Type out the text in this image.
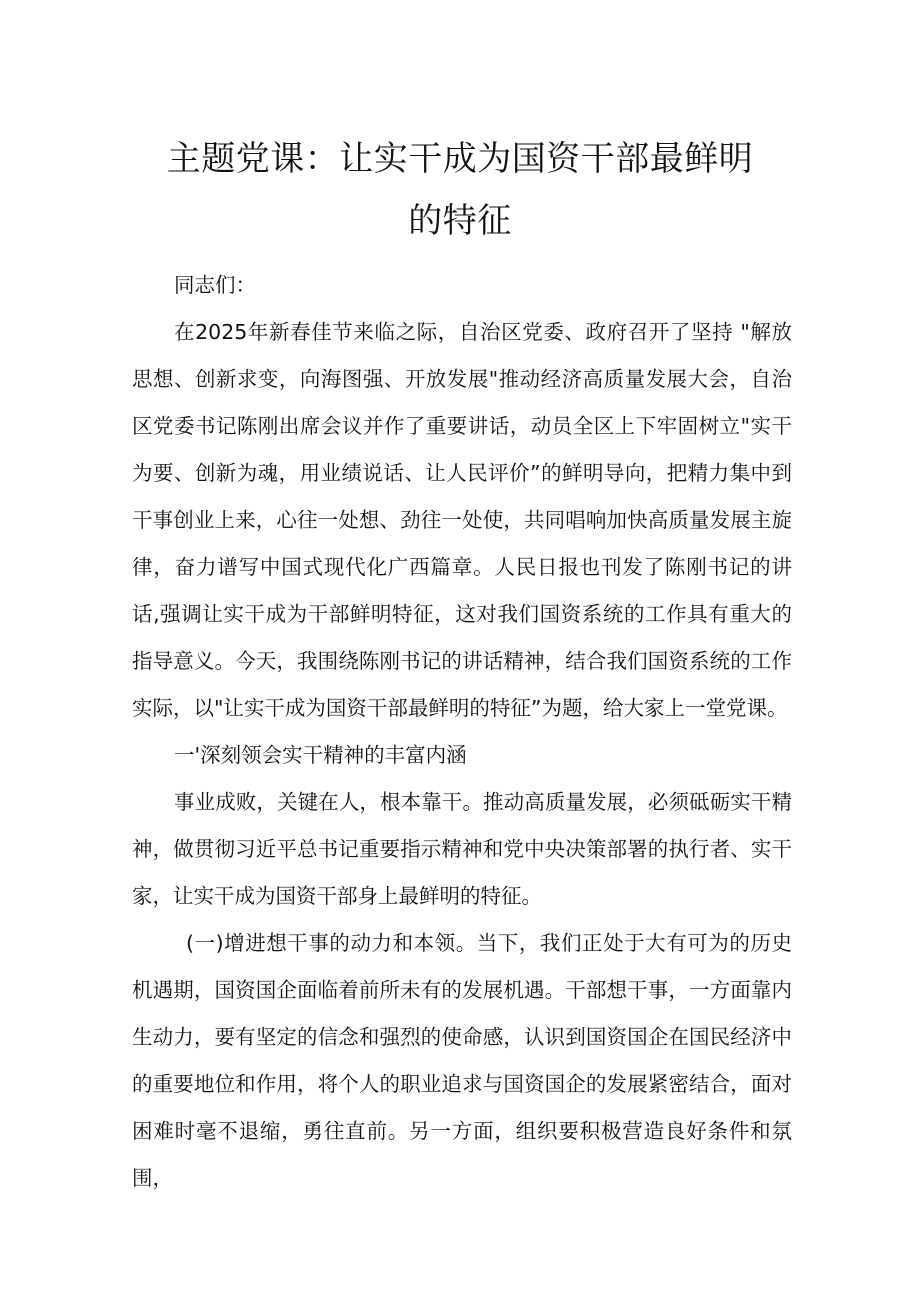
主题党课：让实干成为国资干部最鲜明
的特征

同志们：

在2025年新春佳节来临之际，自治区党委、政府召开了坚持 "解放思想、创新求变，向海图强、开放发展"推动经济高质量发展大会，自治区党委书记陈刚出席会议并作了重要讲话，动员全区上下牢固树立"实干为要、创新为魂，用业绩说话、让人民评价”的鲜明导向，把精力集中到干事创业上来，心往一处想、劲往一处使，共同唱响加快高质量发展主旋律，奋力谱写中国式现代化广西篇章。人民日报也刊发了陈刚书记的讲话,强调让实干成为干部鲜明特征，这对我们国资系统的工作具有重大的指导意义。今天，我围绕陈刚书记的讲话精神，结合我们国资系统的工作实际，以"让实干成为国资干部最鲜明的特征”为题，给大家上一堂党课。

一'深刻领会实干精神的丰富内涵

事业成败，关键在人，根本靠干。推动高质量发展，必须砥砺实干精神，做贯彻习近平总书记重要指示精神和党中央决策部署的执行者、实干家，让实干成为国资干部身上最鲜明的特征。

(一)增进想干事的动力和本领。当下，我们正处于大有可为的历史机遇期，国资国企面临着前所未有的发展机遇。干部想干事，一方面靠内生动力，要有坚定的信念和强烈的使命感，认识到国资国企在国民经济中的重要地位和作用，将个人的职业追求与国资国企的发展紧密结合，面对困难时毫不退缩，勇往直前。另一方面，组织要积极营造良好条件和氛围，
